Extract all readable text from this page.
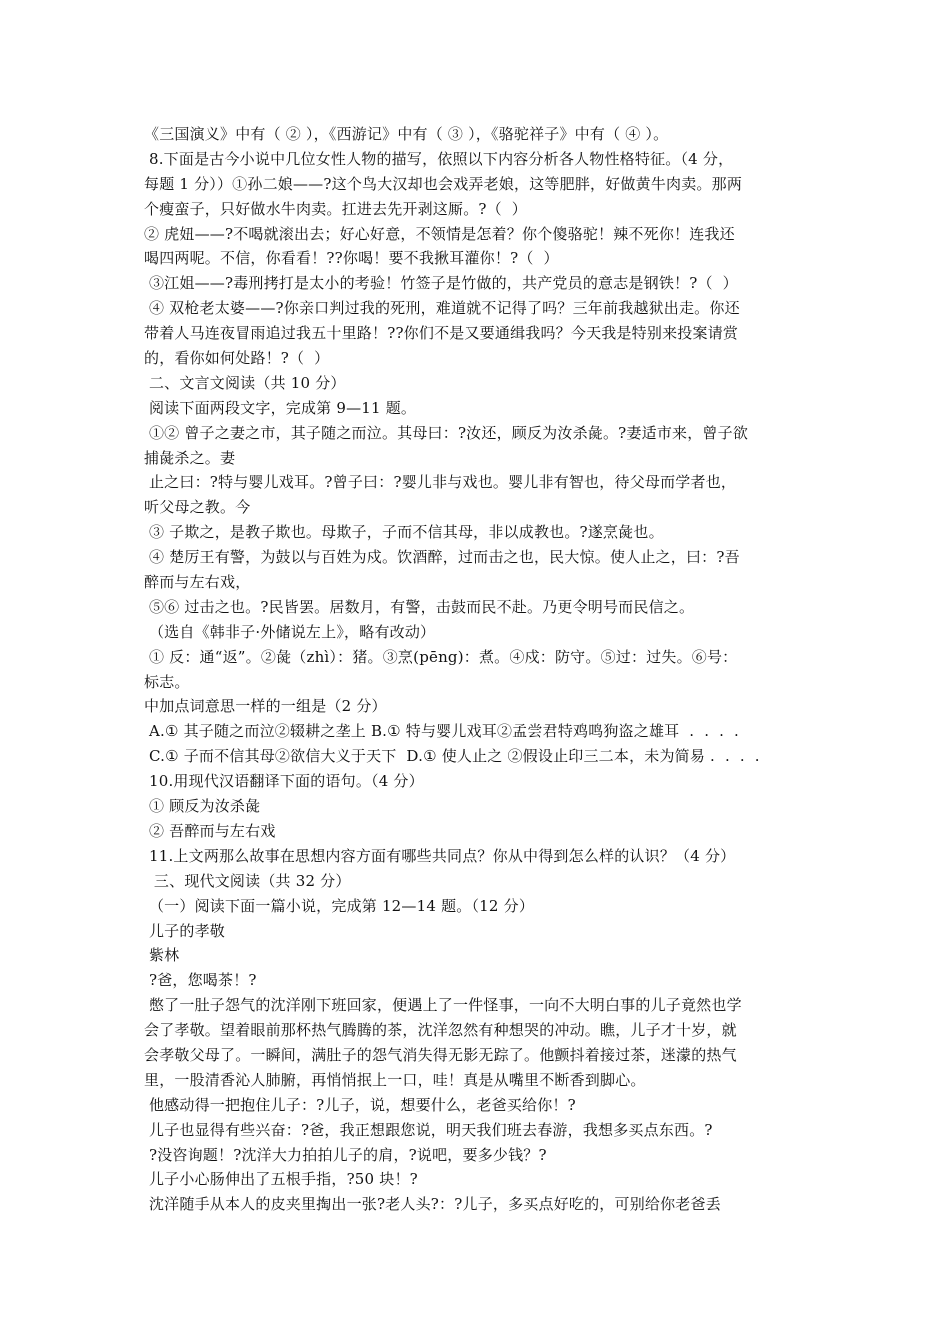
《三国演义》中有（ ② ），《西游记》中有（ ③ ），《骆驼祥子》中有（ ④ ）。
8.下面是古今小说中几位女性人物的描写，依照以下内容分析各人物性格特征。（4 分，
每题 1 分））①孙二娘——?这个鸟大汉却也会戏弄老娘，这等肥胖，好做黄牛肉卖。那两
个瘦蛮子，只好做水牛肉卖。扛进去先开剥这厮。?（  ）
② 虎妞——?不喝就滚出去；好心好意，不领情是怎着？你个傻骆驼！辣不死你！连我还
喝四两呢。不信，你看看！??你喝！要不我揪耳灌你！?（  ）
③江姐——?毒刑拷打是太小的考验！竹签子是竹做的，共产党员的意志是钢铁！?（  ）
④ 双枪老太婆——?你亲口判过我的死刑，难道就不记得了吗？三年前我越狱出走。你还
带着人马连夜冒雨追过我五十里路！??你们不是又要通缉我吗？今天我是特别来投案请赏
的，看你如何处路！?（  ）
二、文言文阅读（共 10 分）
阅读下面两段文字，完成第 9—11 题。
①② 曾子之妻之市，其子随之而泣。其母曰：?汝还，顾反为汝杀彘。?妻适市来，曾子欲
捕彘杀之。妻
止之曰：?特与婴儿戏耳。?曾子曰：?婴儿非与戏也。婴儿非有智也，待父母而学者也，
听父母之教。今
③ 子欺之，是教子欺也。母欺子，子而不信其母，非以成教也。?遂烹彘也。
④ 楚厉王有警，为鼓以与百姓为戍。饮酒醉，过而击之也，民大惊。使人止之，曰：?吾
醉而与左右戏，
⑤⑥ 过击之也。?民皆罢。居数月，有警，击鼓而民不赴。乃更令明号而民信之。
（选自《韩非子·外储说左上》，略有改动）
① 反：通“返”。②彘（zhì）：猪。③烹(pēng)：煮。④戍：防守。⑤过：过失。⑥号：
标志。
中加点词意思一样的一组是（2 分）
A.① 其子随之而泣②辍耕之垄上 B.① 特与婴儿戏耳②孟尝君特鸡鸣狗盗之雄耳  .  .  .  .
C.① 子而不信其母②欲信大义于天下  D.① 使人止之 ②假设止印三二本，未为简易 .  .  .  .
10.用现代汉语翻译下面的语句。（4 分）
① 顾反为汝杀彘
② 吾醉而与左右戏
11.上文两那么故事在思想内容方面有哪些共同点？你从中得到怎么样的认识？（4 分）
三、现代文阅读（共 32 分）
（一）阅读下面一篇小说，完成第 12—14 题。（12 分）
儿子的孝敬
紫林
?爸，您喝茶！?
憋了一肚子怨气的沈洋刚下班回家，便遇上了一件怪事，一向不大明白事的儿子竟然也学
会了孝敬。望着眼前那杯热气腾腾的茶，沈洋忽然有种想哭的冲动。瞧，儿子才十岁，就
会孝敬父母了。一瞬间，满肚子的怨气消失得无影无踪了。他颤抖着接过茶，迷濛的热气
里，一股清香沁人肺腑，再悄悄抿上一口，哇！真是从嘴里不断香到脚心。
他感动得一把抱住儿子：?儿子，说，想要什么，老爸买给你！?
儿子也显得有些兴奋：?爸，我正想跟您说，明天我们班去春游，我想多买点东西。?
?没咨询题！?沈洋大力拍拍儿子的肩，?说吧，要多少钱？?
儿子小心肠伸出了五根手指，?50 块！?
沈洋随手从本人的皮夹里掏出一张?老人头?：?儿子，多买点好吃的，可别给你老爸丢
